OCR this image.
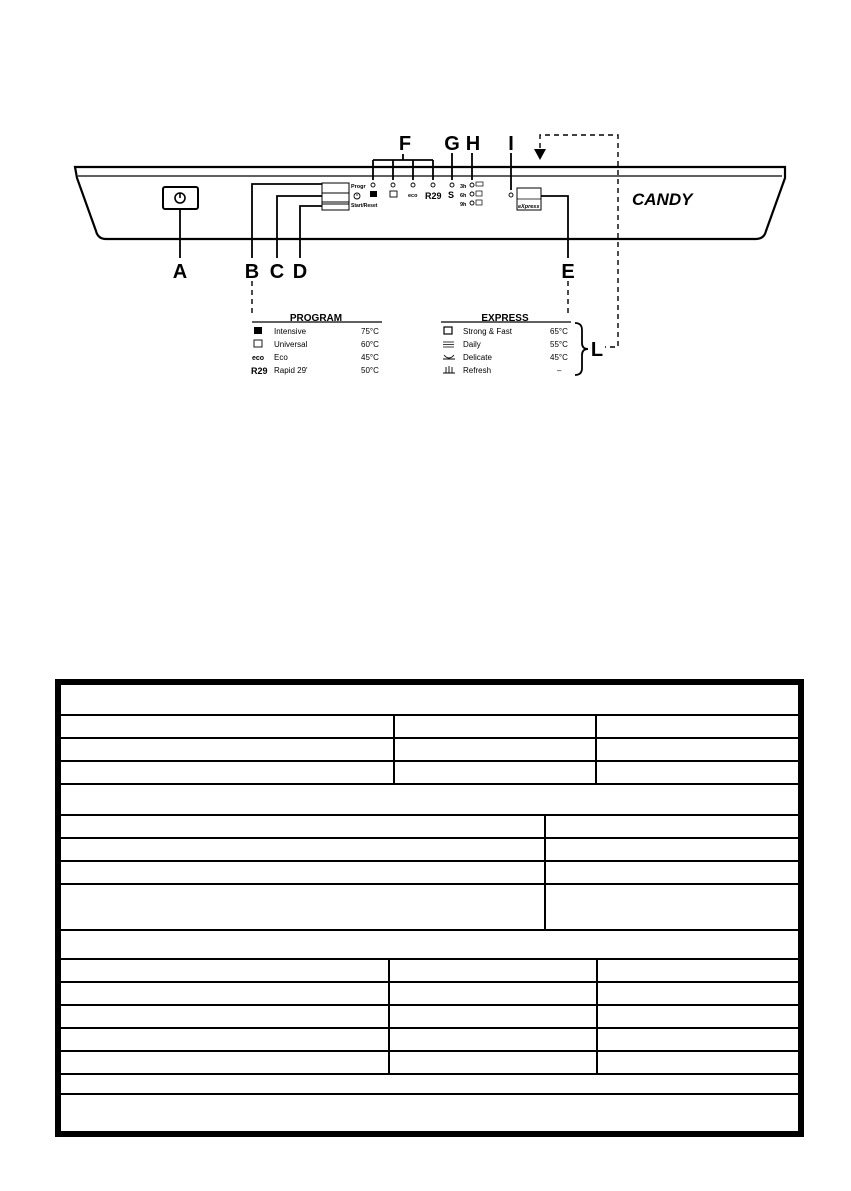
Progr
Start/Reset
eco R29 S
3h
6h
9h	eXpress	CANDY
A	B C D	E
F G H I
L
PROGRAM
Intensive	75°C
Universal	60°C
eco Eco	45°C
R29 Rapid 29'	50°C
EXPRESS
Strong & Fast	65°C
Daily	55°C
Delicate	45°C
Refresh	–
